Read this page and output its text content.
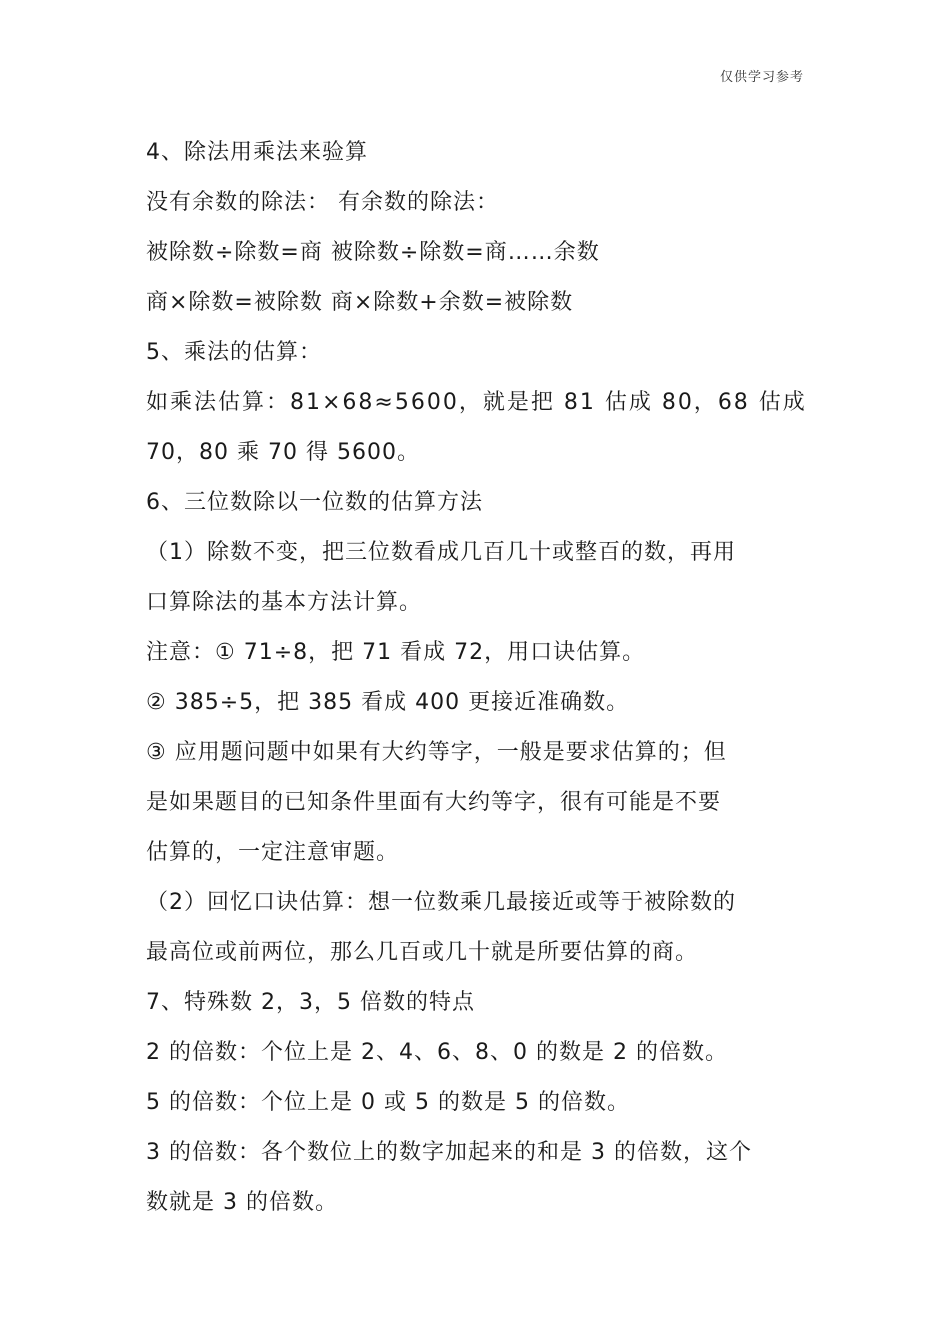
仅供学习参考
4、除法用乘法来验算
没有余数的除法： 有余数的除法：
被除数÷除数=商 被除数÷除数=商……余数
商×除数=被除数 商×除数+余数=被除数
5、乘法的估算：
如乘法估算：81×68≈5600，就是把 81 估成 80，68 估成
70，80 乘 70 得 5600。
6、三位数除以一位数的估算方法
（1）除数不变，把三位数看成几百几十或整百的数，再用
口算除法的基本方法计算。
注意：① 71÷8，把 71 看成 72，用口诀估算。
② 385÷5，把 385 看成 400 更接近准确数。
③ 应用题问题中如果有大约等字，一般是要求估算的；但
是如果题目的已知条件里面有大约等字，很有可能是不要
估算的，一定注意审题。
（2）回忆口诀估算：想一位数乘几最接近或等于被除数的
最高位或前两位，那么几百或几十就是所要估算的商。
7、特殊数 2，3，5 倍数的特点
2 的倍数：个位上是 2、4、6、8、0 的数是 2 的倍数。
5 的倍数：个位上是 0 或 5 的数是 5 的倍数。
3 的倍数：各个数位上的数字加起来的和是 3 的倍数，这个
数就是 3 的倍数。
